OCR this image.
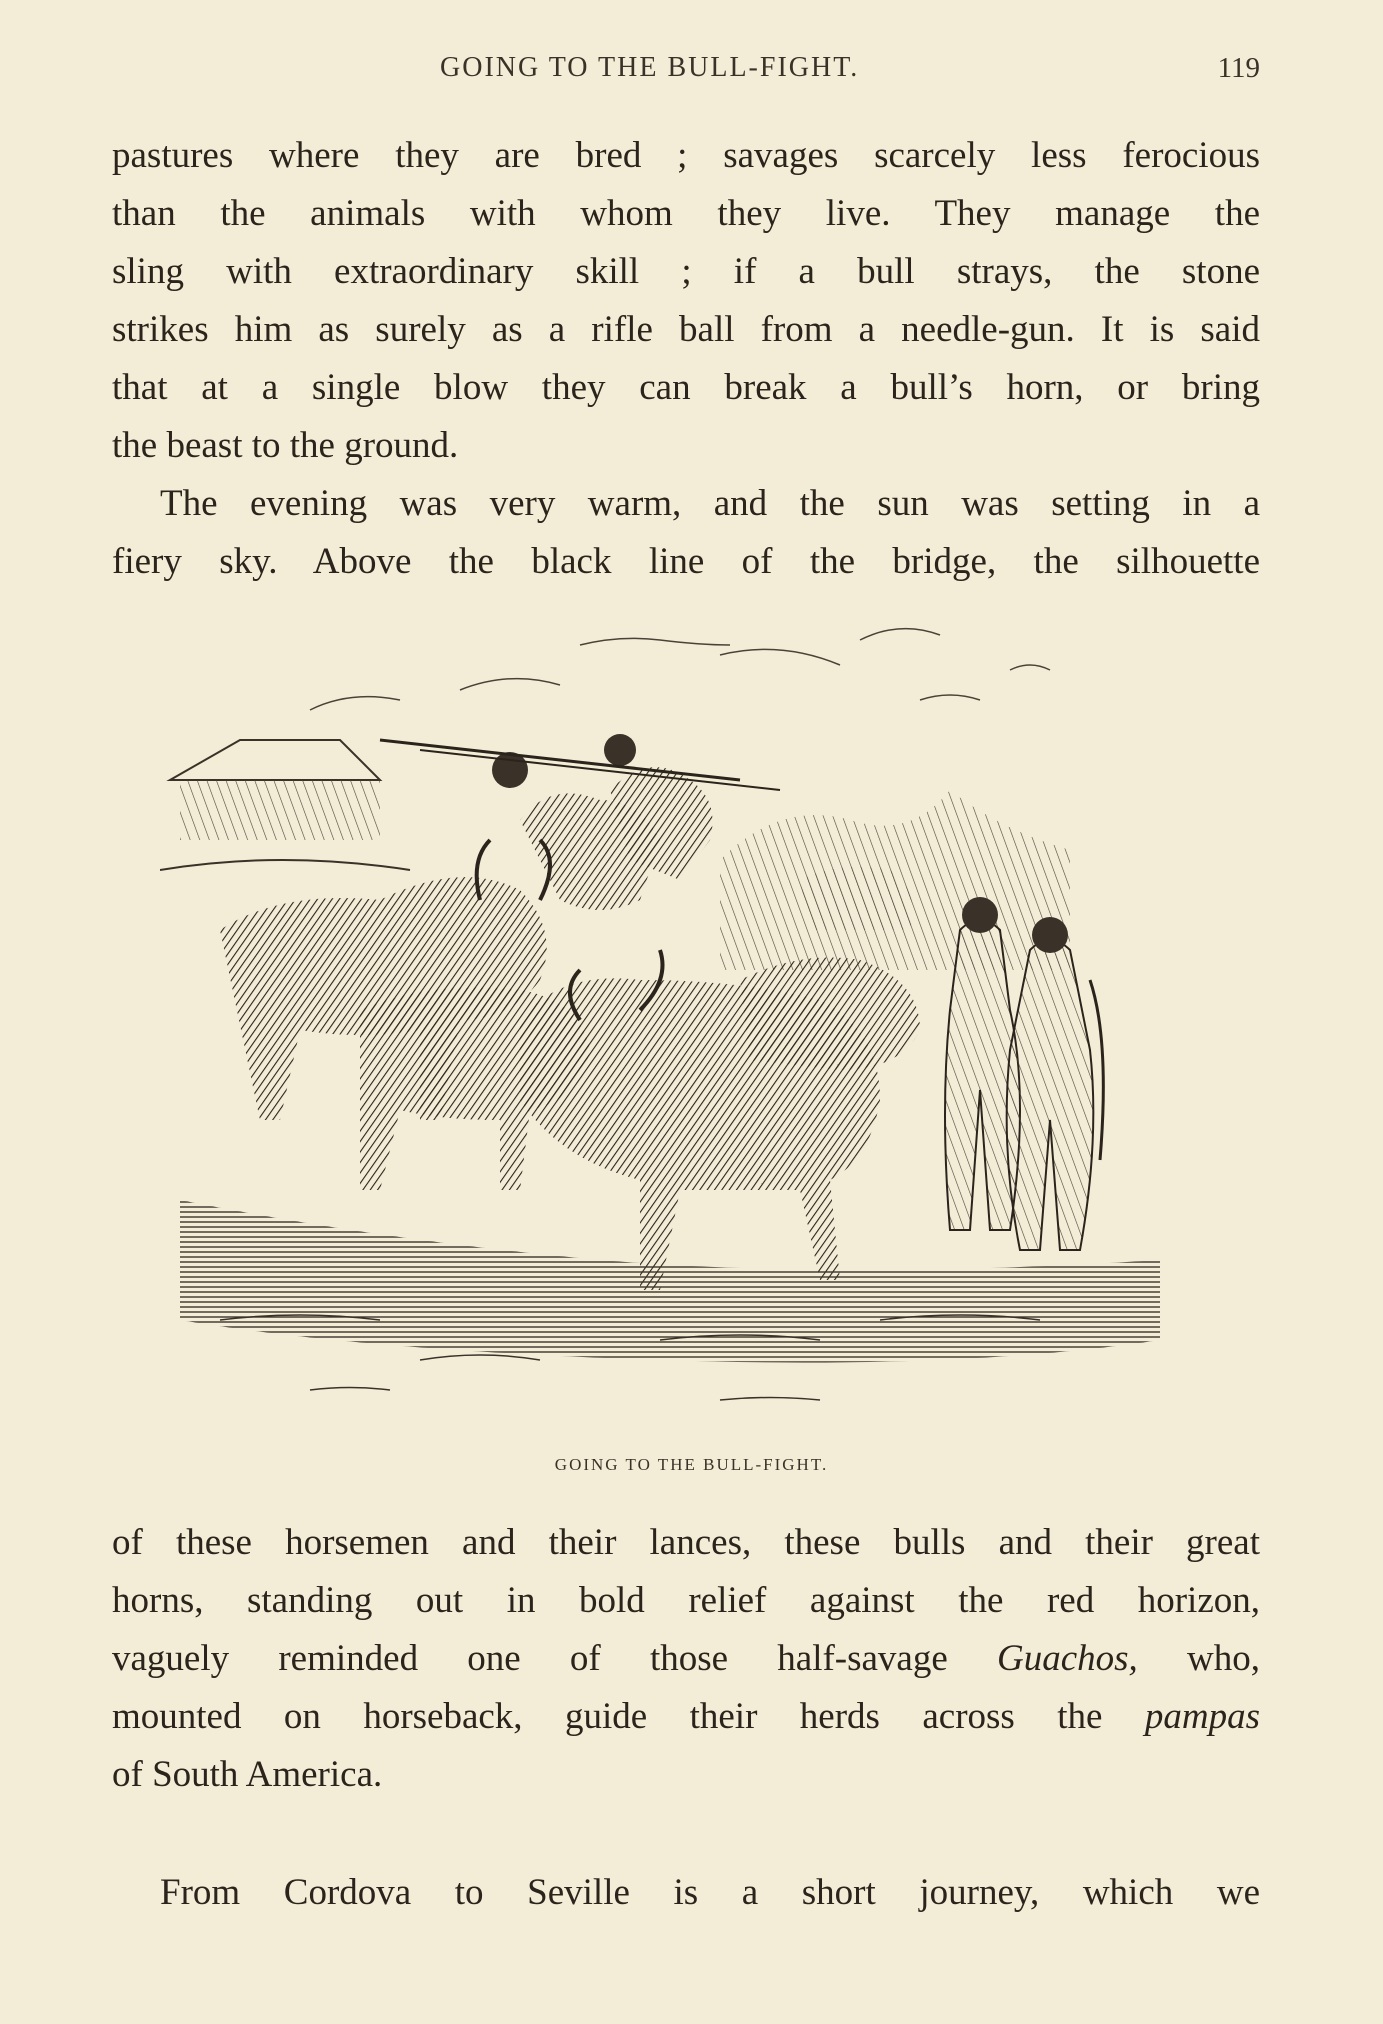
GOING TO THE BULL-FIGHT.	119
pastures where they are bred ; savages scarcely less ferocious
than the animals with whom they live. They manage the
sling with extraordinary skill ; if a bull strays, the stone
strikes him as surely as a rifle ball from a needle-gun. It is said
that at a single blow they can break a bull’s horn, or bring
the beast to the ground.
The evening was very warm, and the sun was setting in a
fiery sky. Above the black line of the bridge, the silhouette
GOING TO THE BULL-FIGHT.
of these horsemen and their lances, these bulls and their great
horns, standing out in bold relief against the red horizon,
vaguely reminded one of those half-savage Guachos, who,
mounted on horseback, guide their herds across the pampas
of South America.
From Cordova to Seville is a short journey, which we
